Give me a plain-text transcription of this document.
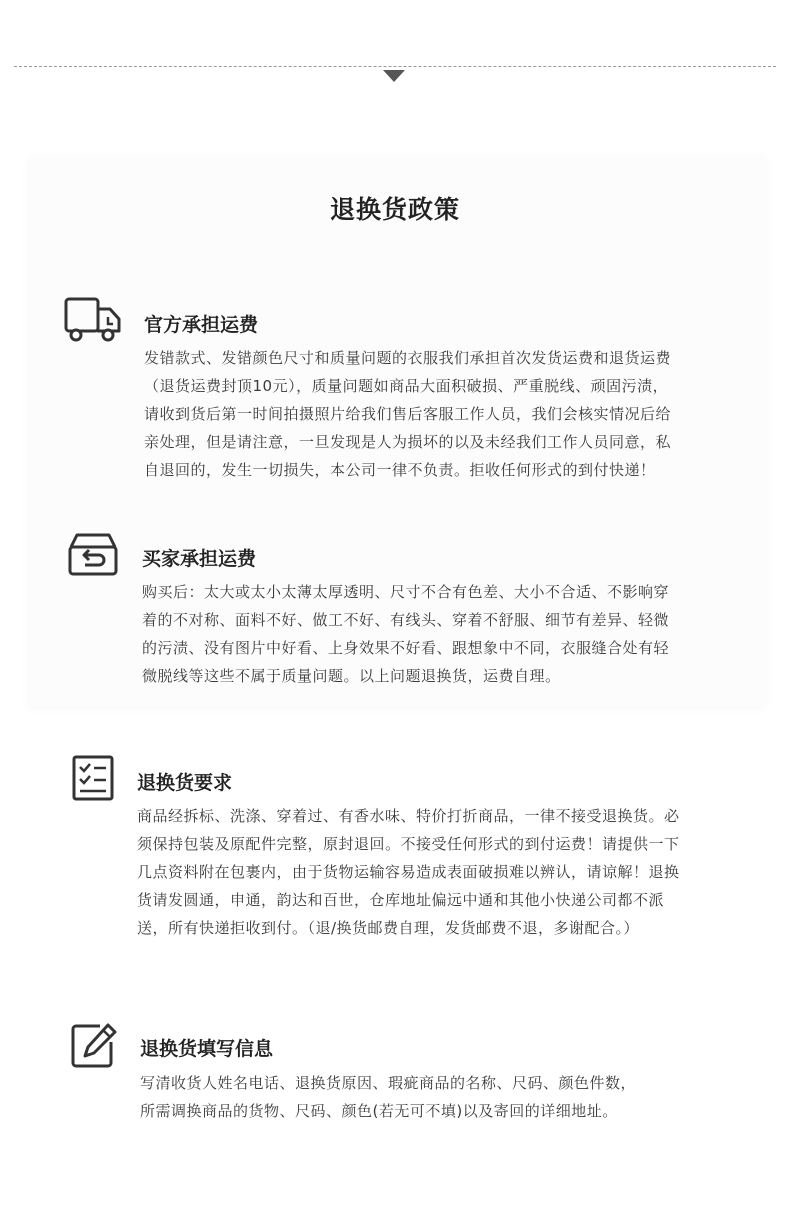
退换货政策
官方承担运费
发错款式、发错颜色尺寸和质量问题的衣服我们承担首次发货运费和退货运费
（退货运费封顶10元），质量问题如商品大面积破损、严重脱线、顽固污渍，
请收到货后第一时间拍摄照片给我们售后客服工作人员，我们会核实情况后给
亲处理，但是请注意，一旦发现是人为损坏的以及未经我们工作人员同意，私
自退回的，发生一切损失，本公司一律不负责。拒收任何形式的到付快递！
买家承担运费
购买后：太大或太小太薄太厚透明、尺寸不合有色差、大小不合适、不影响穿
着的不对称、面料不好、做工不好、有线头、穿着不舒服、细节有差异、轻微
的污渍、没有图片中好看、上身效果不好看、跟想象中不同，衣服缝合处有轻
微脱线等这些不属于质量问题。以上问题退换货，运费自理。
退换货要求
商品经拆标、洗涤、穿着过、有香水味、特价打折商品，一律不接受退换货。必
须保持包装及原配件完整，原封退回。不接受任何形式的到付运费！请提供一下
几点资料附在包裹内，由于货物运输容易造成表面破损难以辨认，请谅解！退换
货请发圆通，申通，韵达和百世，仓库地址偏远中通和其他小快递公司都不派
送，所有快递拒收到付。（退/换货邮费自理，发货邮费不退，多谢配合。）
退换货填写信息
写清收货人姓名电话、退换货原因、瑕疵商品的名称、尺码、颜色件数，
所需调换商品的货物、尺码、颜色(若无可不填)以及寄回的详细地址。
